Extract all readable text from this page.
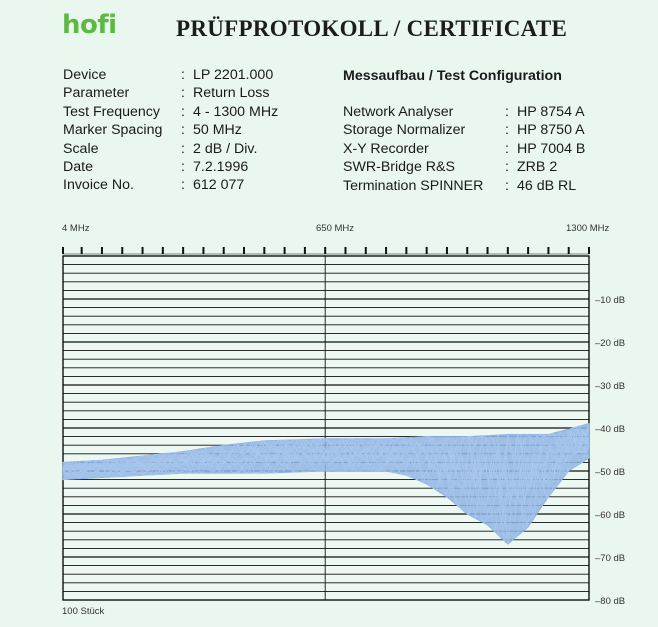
hofi	PRÜFPROTOKOLL / CERTIFICATE
Device	: LP 2201.000
Parameter	: Return Loss
Test Frequency	: 4 - 1300 MHz
Marker Spacing	: 50 MHz
Scale	: 2 dB / Div.
Date	: 7.2.1996
Invoice No.	: 612 077
Messaufbau / Test Configuration
Network Analyser	: HP 8754 A
Storage Normalizer	: HP 8750 A
X-Y Recorder	: HP 7004 B
SWR-Bridge R&S	: ZRB 2
Termination SPINNER	: 46 dB RL
4 MHz	650 MHz	1300 MHz
–10 dB
–20 dB
–30 dB
–40 dB
–50 dB
–60 dB
–70 dB
–80 dB
100 Stück
